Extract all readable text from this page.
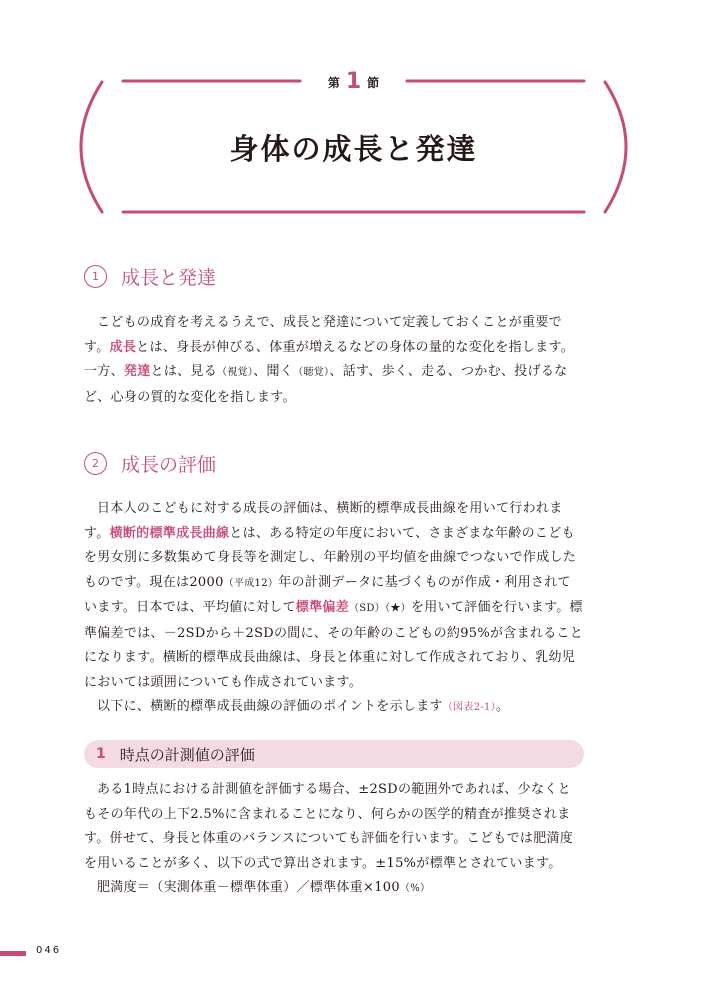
第 1 節
身体の成長と発達
1	成長と発達

こどもの成育を考えるうえで、成長と発達について定義しておくことが重要です。成長とは、身長が伸びる、体重が増えるなどの身体の量的な変化を指します。一方、発達とは、見る（視覚）、聞く（聴覚）、話す、歩く、走る、つかむ、投げるなど、心身の質的な変化を指します。

2	成長の評価

日本人のこどもに対する成長の評価は、横断的標準成長曲線を用いて行われます。横断的標準成長曲線とは、ある特定の年度において、さまざまな年齢のこどもを男女別に多数集めて身長等を測定し、年齢別の平均値を曲線でつないで作成したものです。現在は2000（平成12）年の計測データに基づくものが作成・利用されています。日本では、平均値に対して標準偏差（SD）（★）を用いて評価を行います。標準偏差では、－2SDから＋2SDの間に、その年齢のこどもの約95%が含まれることになります。横断的標準成長曲線は、身長と体重に対して作成されており、乳幼児においては頭囲についても作成されています。

以下に、横断的標準成長曲線の評価のポイントを示します（図表2-1）。

1 時点の計測値の評価

ある1時点における計測値を評価する場合、±2SDの範囲外であれば、少なくともその年代の上下2.5%に含まれることになり、何らかの医学的精査が推奨されます。併せて、身長と体重のバランスについても評価を行います。こどもでは肥満度を用いることが多く、以下の式で算出されます。±15%が標準とされています。

肥満度＝（実測体重－標準体重）／標準体重×100（%）

046
